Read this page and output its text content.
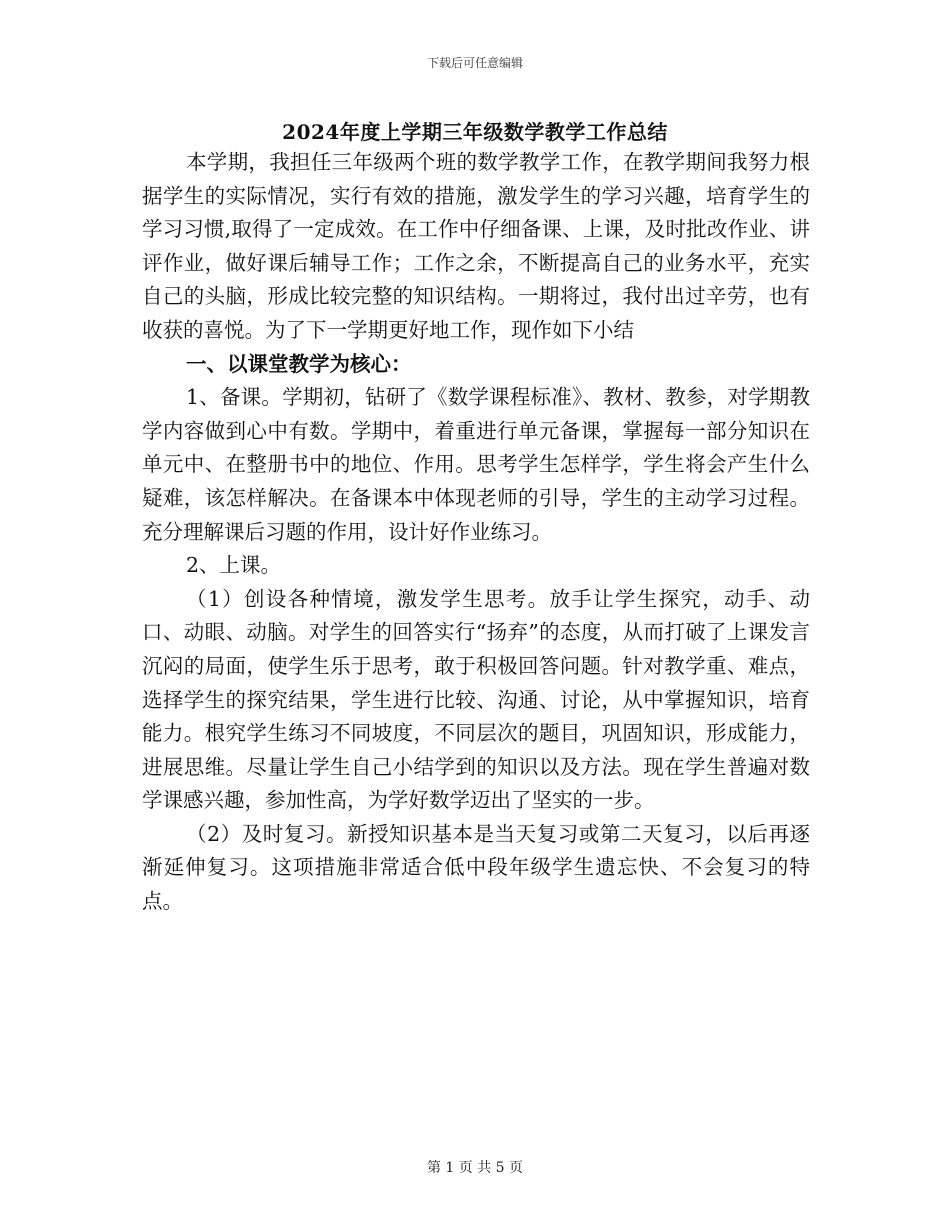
下载后可任意编辑
2024年度上学期三年级数学教学工作总结

本学期，我担任三年级两个班的数学教学工作，在教学期间我努力根据学生的实际情况，实行有效的措施，激发学生的学习兴趣，培育学生的学习习惯,取得了一定成效。在工作中仔细备课、上课，及时批改作业、讲评作业，做好课后辅导工作；工作之余，不断提高自己的业务水平，充实自己的头脑，形成比较完整的知识结构。一期将过，我付出过辛劳，也有收获的喜悦。为了下一学期更好地工作，现作如下小结

一、以课堂教学为核心：

1、备课。学期初，钻研了《数学课程标准》、教材、教参，对学期教学内容做到心中有数。学期中，着重进行单元备课，掌握每一部分知识在单元中、在整册书中的地位、作用。思考学生怎样学，学生将会产生什么疑难，该怎样解决。在备课本中体现老师的引导，学生的主动学习过程。充分理解课后习题的作用，设计好作业练习。

2、上课。

（1）创设各种情境，激发学生思考。放手让学生探究，动手、动口、动眼、动脑。对学生的回答实行“扬弃”的态度，从而打破了上课发言沉闷的局面，使学生乐于思考，敢于积极回答问题。针对教学重、难点，选择学生的探究结果，学生进行比较、沟通、讨论，从中掌握知识，培育能力。根究学生练习不同坡度，不同层次的题目，巩固知识，形成能力，进展思维。尽量让学生自己小结学到的知识以及方法。现在学生普遍对数学课感兴趣，参加性高，为学好数学迈出了坚实的一步。

（2）及时复习。新授知识基本是当天复习或第二天复习，以后再逐渐延伸复习。这项措施非常适合低中段年级学生遗忘快、不会复习的特点。

第 1 页 共 5 页
